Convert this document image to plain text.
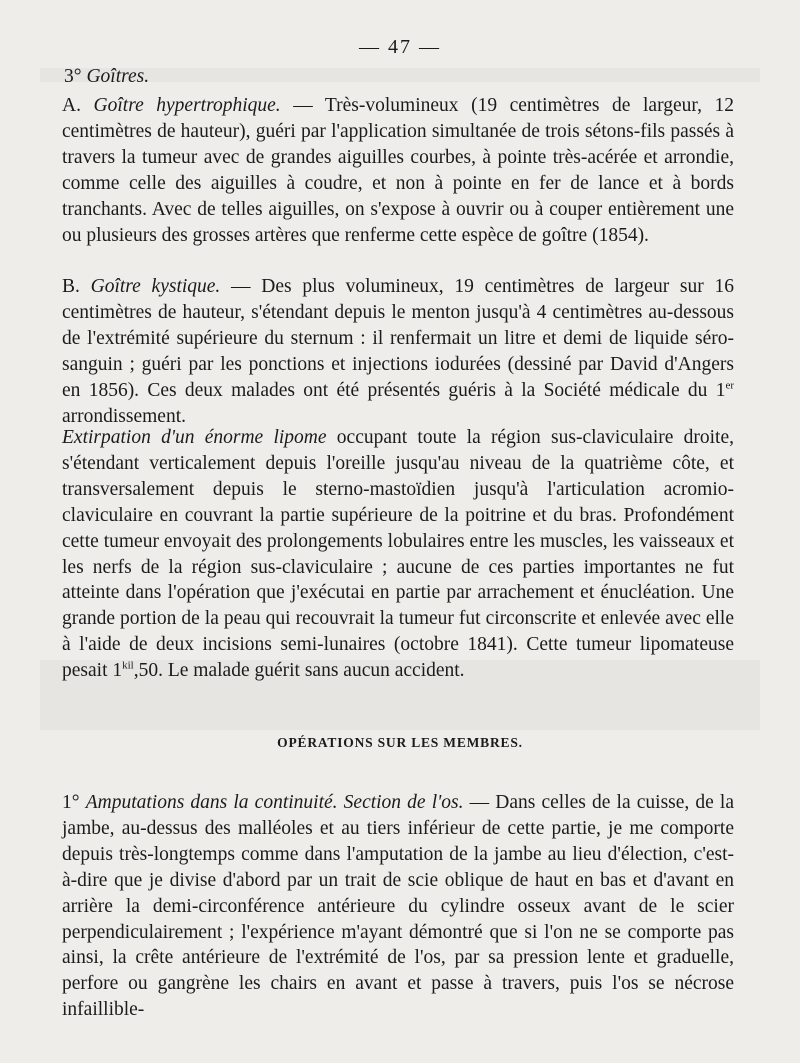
— 47 —
3° Goîtres.

A. Goître hypertrophique. — Très-volumineux (19 centimètres de largeur, 12 centimètres de hauteur), guéri par l'application simultanée de trois sétons-fils passés à travers la tumeur avec de grandes aiguilles courbes, à pointe très-acérée et arrondie, comme celle des aiguilles à coudre, et non à pointe en fer de lance et à bords tranchants. Avec de telles aiguilles, on s'expose à ouvrir ou à couper entièrement une ou plusieurs des grosses artères que renferme cette espèce de goître (1854).

B. Goître kystique. — Des plus volumineux, 19 centimètres de largeur sur 16 centimètres de hauteur, s'étendant depuis le menton jusqu'à 4 centimètres au-dessous de l'extrémité supérieure du sternum : il renfermait un litre et demi de liquide séro-sanguin ; guéri par les ponctions et injections iodurées (dessiné par David d'Angers en 1856). Ces deux malades ont été présentés guéris à la Société médicale du 1er arrondissement.

Extirpation d'un énorme lipome occupant toute la région sus-claviculaire droite, s'étendant verticalement depuis l'oreille jusqu'au niveau de la quatrième côte, et transversalement depuis le sterno-mastoïdien jusqu'à l'articulation acromio-claviculaire en couvrant la partie supérieure de la poitrine et du bras. Profondément cette tumeur envoyait des prolongements lobulaires entre les muscles, les vaisseaux et les nerfs de la région sus-claviculaire ; aucune de ces parties importantes ne fut atteinte dans l'opération que j'exécutai en partie par arrachement et énucléation. Une grande portion de la peau qui recouvrait la tumeur fut circonscrite et enlevée avec elle à l'aide de deux incisions semi-lunaires (octobre 1841). Cette tumeur lipomateuse pesait $1^{kil},50$. Le malade guérit sans aucun accident.

OPÉRATIONS SUR LES MEMBRES.

1° Amputations dans la continuité. Section de l'os. — Dans celles de la cuisse, de la jambe, au-dessus des malléoles et au tiers inférieur de cette partie, je me comporte depuis très-longtemps comme dans l'amputation de la jambe au lieu d'élection, c'est-à-dire que je divise d'abord par un trait de scie oblique de haut en bas et d'avant en arrière la demi-circonférence antérieure du cylindre osseux avant de le scier perpendiculairement ; l'expérience m'ayant démontré que si l'on ne se comporte pas ainsi, la crête antérieure de l'extrémité de l'os, par sa pression lente et graduelle, perfore ou gangrène les chairs en avant et passe à travers, puis l'os se nécrose infaillible-
